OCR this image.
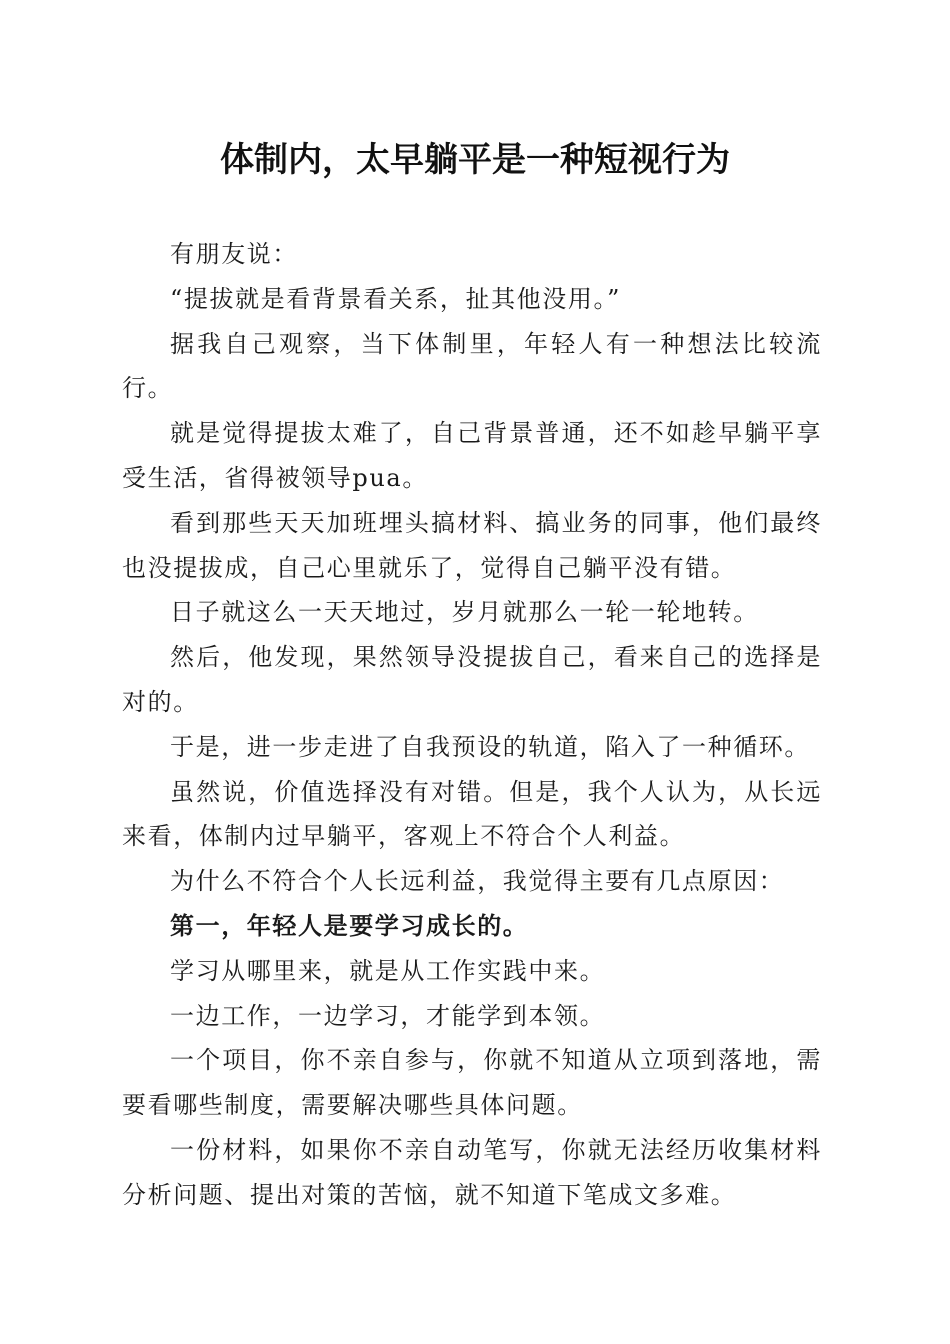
体制内，太早躺平是一种短视行为

有朋友说：

“提拔就是看背景看关系，扯其他没用。”

据我自己观察，当下体制里，年轻人有一种想法比较流行。

就是觉得提拔太难了，自己背景普通，还不如趁早躺平享受生活，省得被领导pua。

看到那些天天加班埋头搞材料、搞业务的同事，他们最终也没提拔成，自己心里就乐了，觉得自己躺平没有错。

日子就这么一天天地过，岁月就那么一轮一轮地转。

然后，他发现，果然领导没提拔自己，看来自己的选择是对的。

于是，进一步走进了自我预设的轨道，陷入了一种循环。

虽然说，价值选择没有对错。但是，我个人认为，从长远来看，体制内过早躺平，客观上不符合个人利益。

为什么不符合个人长远利益，我觉得主要有几点原因：

第一，年轻人是要学习成长的。

学习从哪里来，就是从工作实践中来。

一边工作，一边学习，才能学到本领。

一个项目，你不亲自参与，你就不知道从立项到落地，需要看哪些制度，需要解决哪些具体问题。

一份材料，如果你不亲自动笔写，你就无法经历收集材料分析问题、提出对策的苦恼，就不知道下笔成文多难。
